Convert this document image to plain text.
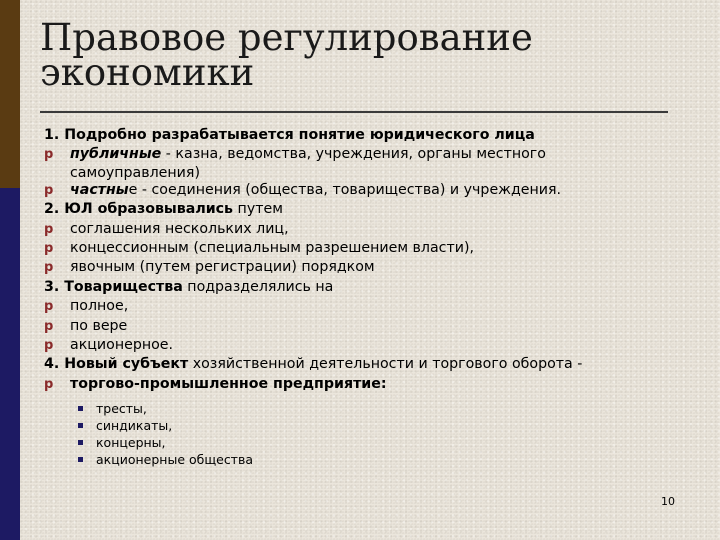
Правовое регулирование
экономики
1. Подробно разрабатывается понятие юридического лица
p публичные - казна, ведомства, учреждения, органы местного
самоуправления)
p частные - соединения (общества, товарищества) и учреждения.
2. ЮЛ образовывались путем
p соглашения нескольких лиц,
p концессионным (специальным разрешением власти),
p явочным (путем регистрации) порядком
3. Товарищества подразделялись на
p полное,
p по вере
p акционерное.
4. Новый субъект хозяйственной деятельности и торгового оборота -
p торгово-промышленное предприятие:
тресты,
синдикаты,
концерны,
акционерные общества
10
